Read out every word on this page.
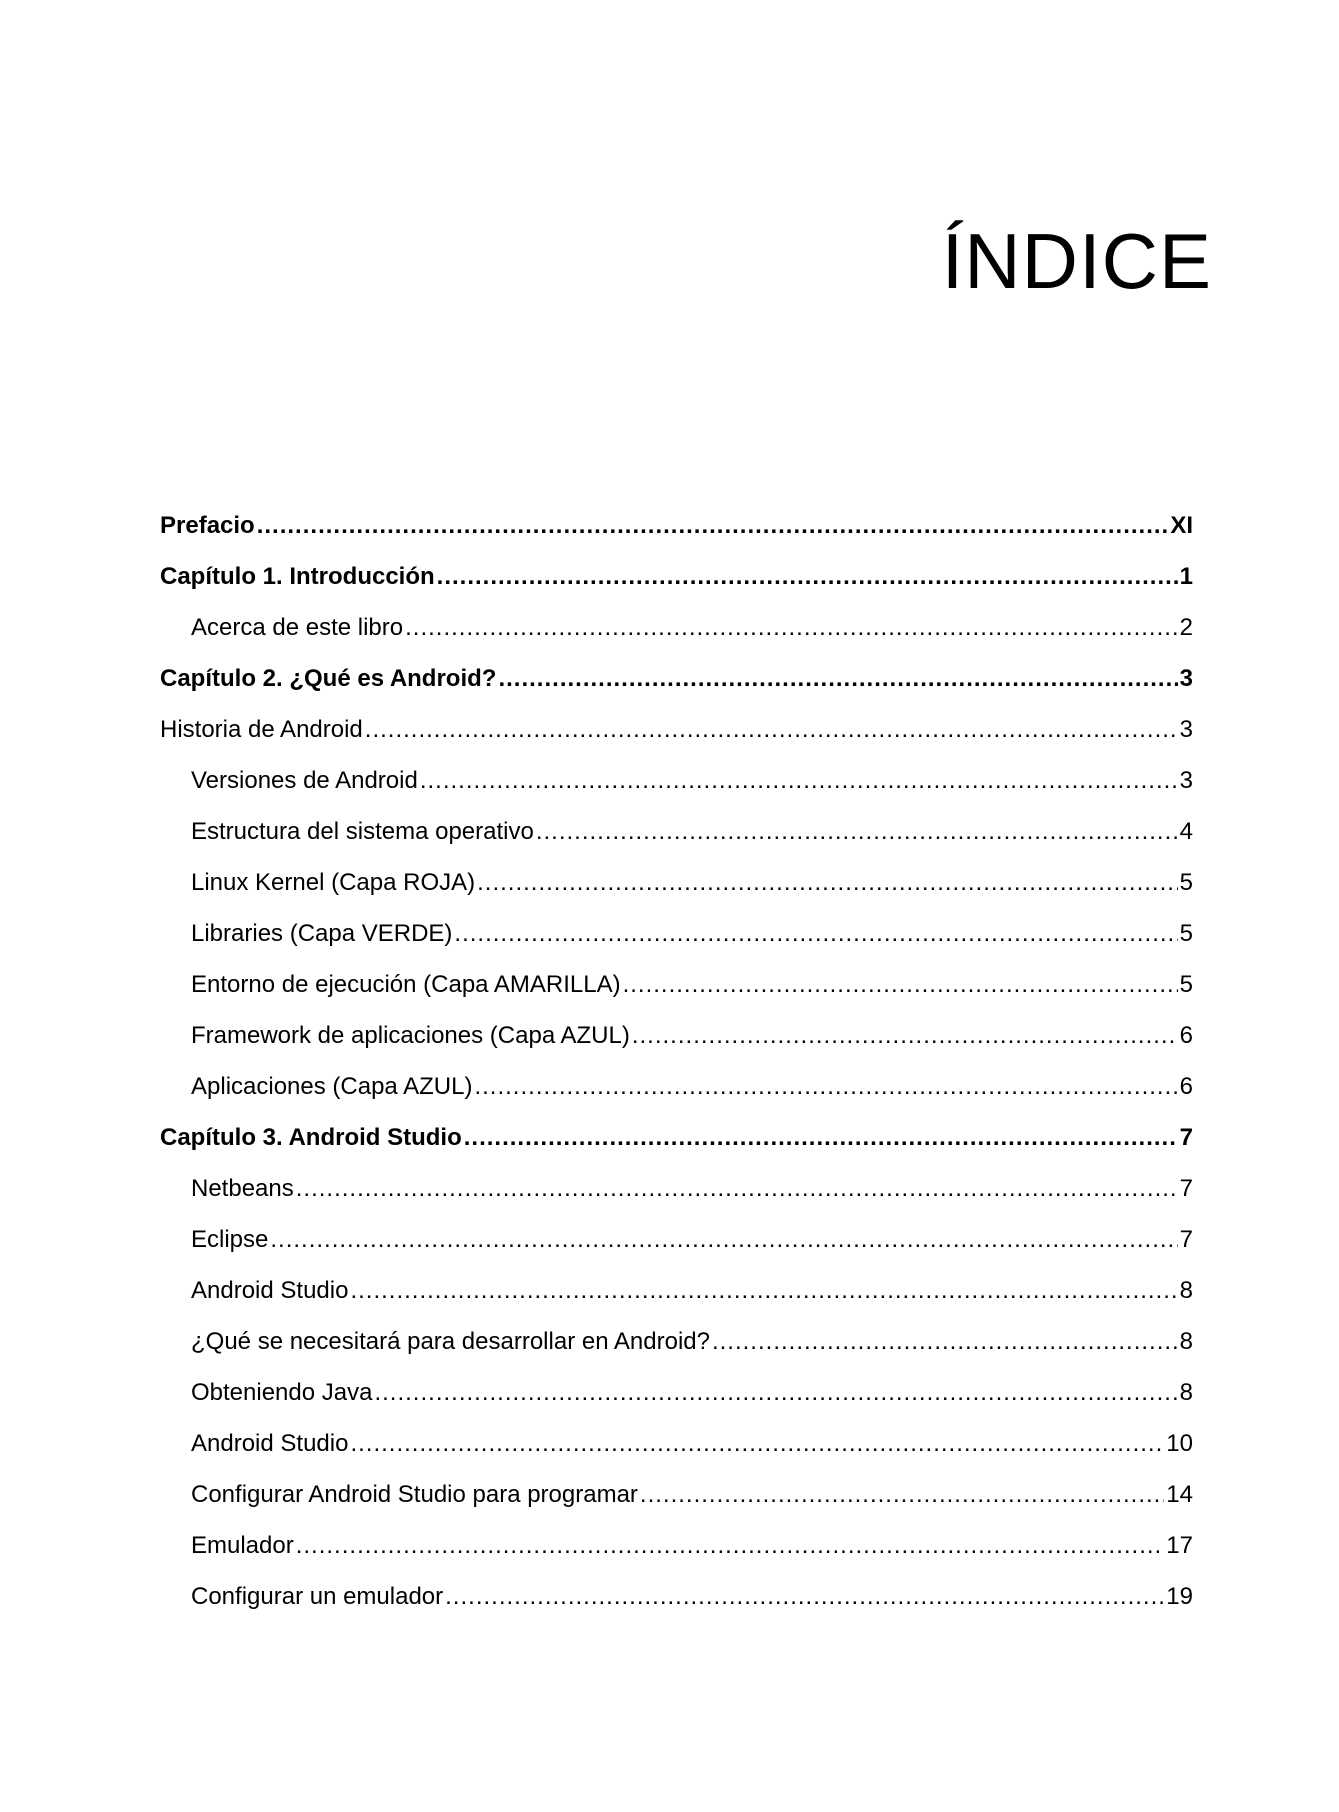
ÍNDICE
Prefacio .....	XI
Capítulo 1. Introducción .....	1
Acerca de este libro .....	2
Capítulo 2. ¿Qué es Android? .....	3
Historia de Android .....	3
Versiones de Android .....	3
Estructura del sistema operativo .....	4
Linux Kernel (Capa ROJA) .....	5
Libraries (Capa VERDE) .....	5
Entorno de ejecución (Capa AMARILLA) .....	5
Framework de aplicaciones (Capa AZUL) .....	6
Aplicaciones (Capa AZUL) .....	6
Capítulo 3. Android Studio .....	7
Netbeans .....	7
Eclipse .....	7
Android Studio .....	8
¿Qué se necesitará para desarrollar en Android? .....	8
Obteniendo Java .....	8
Android Studio .....	10
Configurar Android Studio para programar .....	14
Emulador .....	17
Configurar un emulador .....	19
